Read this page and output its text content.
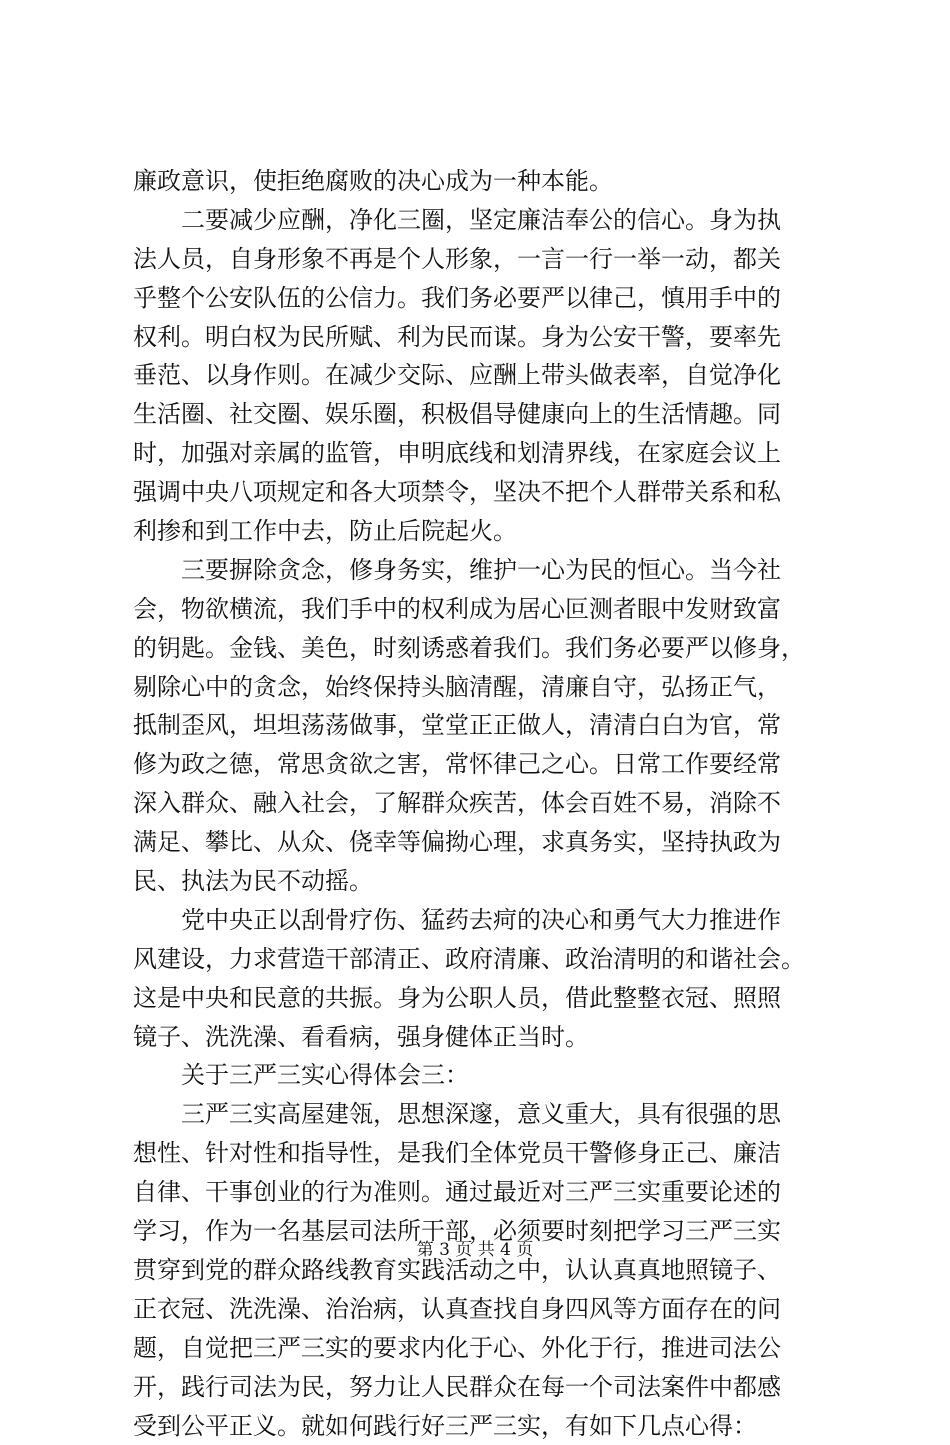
廉政意识，使拒绝腐败的决心成为一种本能。
二要减少应酬，净化三圈，坚定廉洁奉公的信心。身为执
法人员，自身形象不再是个人形象，一言一行一举一动，都关
乎整个公安队伍的公信力。我们务必要严以律己，慎用手中的
权利。明白权为民所赋、利为民而谋。身为公安干警，要率先
垂范、以身作则。在减少交际、应酬上带头做表率，自觉净化
生活圈、社交圈、娱乐圈，积极倡导健康向上的生活情趣。同
时，加强对亲属的监管，申明底线和划清界线，在家庭会议上
强调中央八项规定和各大项禁令，坚决不把个人群带关系和私
利掺和到工作中去，防止后院起火。
三要摒除贪念，修身务实，维护一心为民的恒心。当今社
会，物欲横流，我们手中的权利成为居心叵测者眼中发财致富
的钥匙。金钱、美色，时刻诱惑着我们。我们务必要严以修身，
剔除心中的贪念，始终保持头脑清醒，清廉自守，弘扬正气，
抵制歪风，坦坦荡荡做事，堂堂正正做人，清清白白为官，常
修为政之德，常思贪欲之害，常怀律己之心。日常工作要经常
深入群众、融入社会，了解群众疾苦，体会百姓不易，消除不
满足、攀比、从众、侥幸等偏拗心理，求真务实，坚持执政为
民、执法为民不动摇。
党中央正以刮骨疗伤、猛药去疴的决心和勇气大力推进作
风建设，力求营造干部清正、政府清廉、政治清明的和谐社会。
这是中央和民意的共振。身为公职人员，借此整整衣冠、照照
镜子、洗洗澡、看看病，强身健体正当时。
关于三严三实心得体会三：
三严三实高屋建瓴，思想深邃，意义重大，具有很强的思
想性、针对性和指导性，是我们全体党员干警修身正己、廉洁
自律、干事创业的行为准则。通过最近对三严三实重要论述的
学习，作为一名基层司法所干部，必须要时刻把学习三严三实
贯穿到党的群众路线教育实践活动之中，认认真真地照镜子、
正衣冠、洗洗澡、治治病，认真查找自身四风等方面存在的问
题，自觉把三严三实的要求内化于心、外化于行，推进司法公
开，践行司法为民，努力让人民群众在每一个司法案件中都感
受到公平正义。就如何践行好三严三实，有如下几点心得：
第 3 页 共 4 页
